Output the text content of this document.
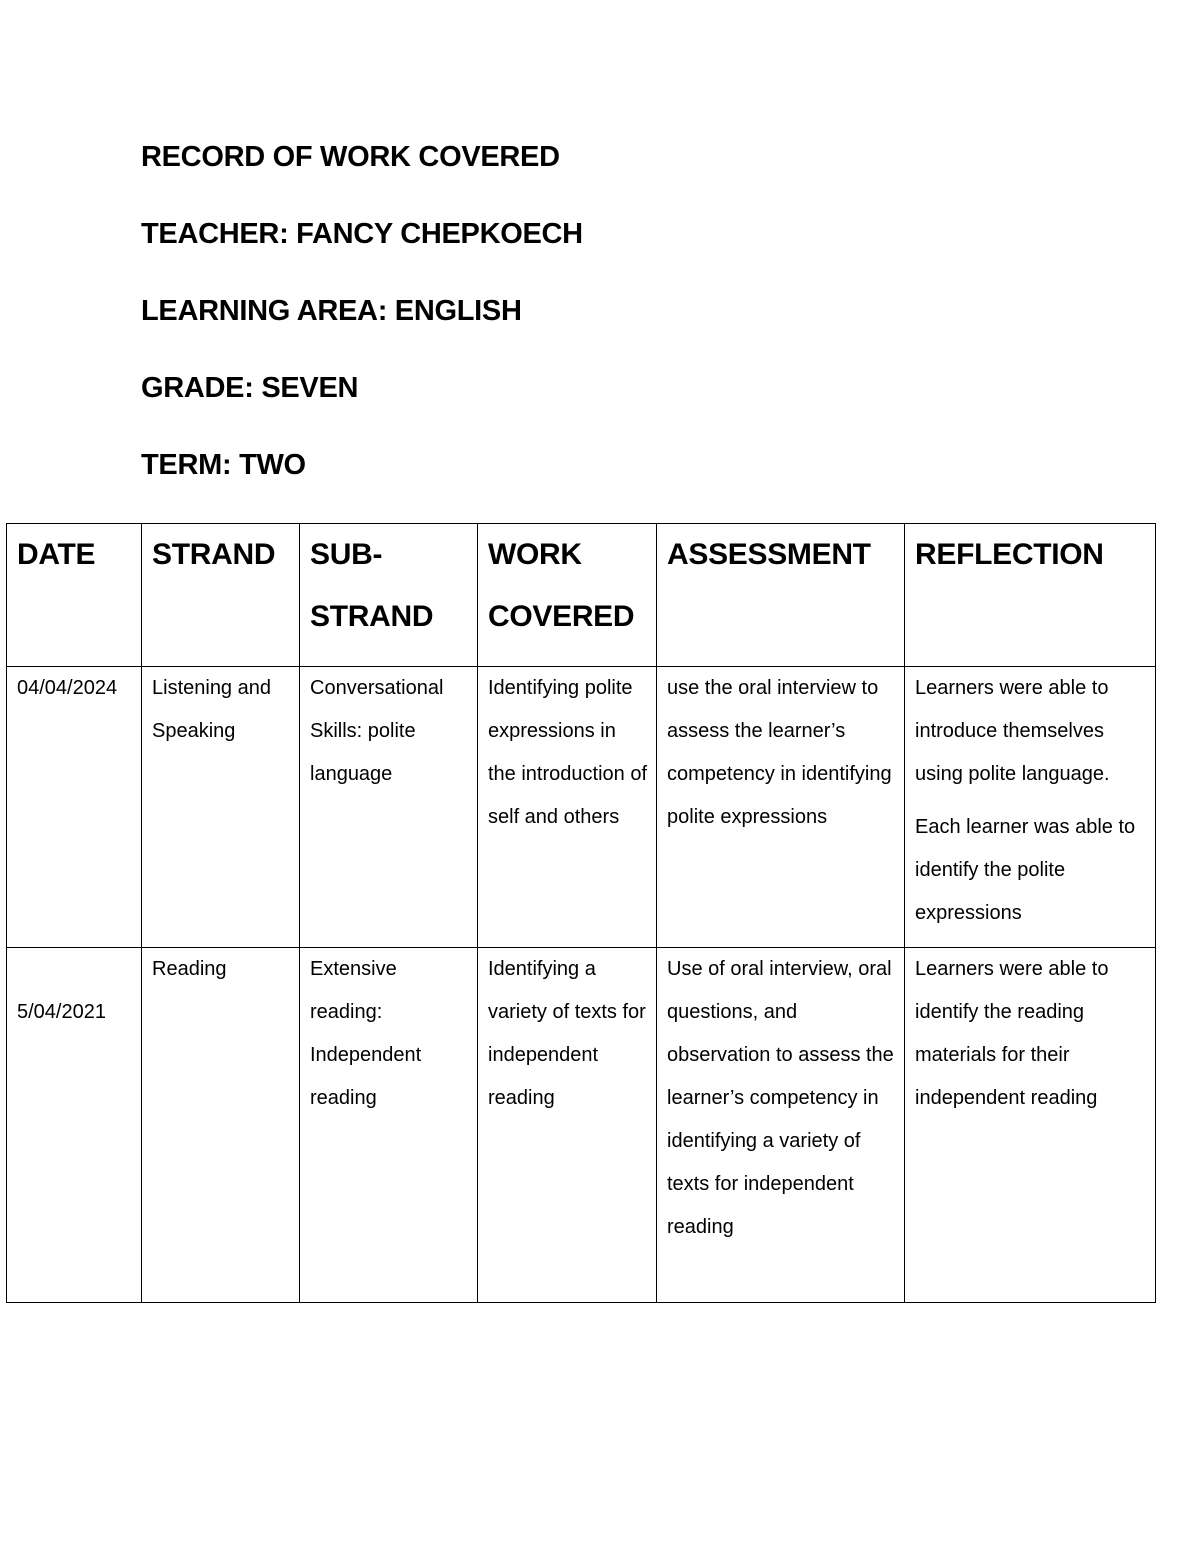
RECORD OF WORK COVERED

TEACHER: FANCY CHEPKOECH

LEARNING AREA: ENGLISH

GRADE: SEVEN

TERM: TWO

DATE	STRAND	SUB-STRAND	WORK COVERED	ASSESSMENT	REFLECTION
04/04/2024	Listening and Speaking	Conversational Skills: polite language	Identifying polite expressions in the introduction of self and others	use the oral interview to assess the learner’s competency in identifying polite expressions	Learners were able to introduce themselves using polite language.
Each learner was able to identify the polite expressions

5/04/2021	Reading	Extensive reading: Independent reading	Identifying a variety of texts for independent reading	Use of oral interview, oral questions, and observation to assess the learner’s competency in identifying a variety of texts for independent reading	Learners were able to identify the reading materials for their independent reading
